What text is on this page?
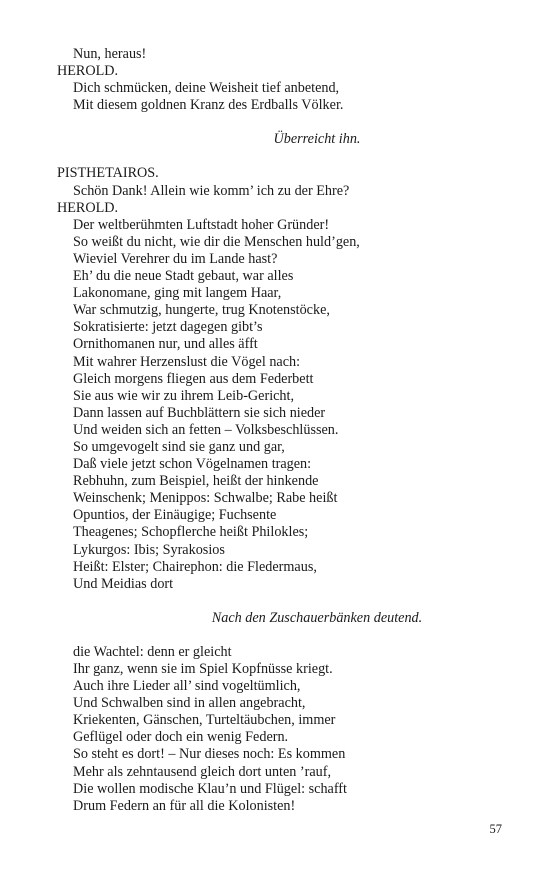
Nun, heraus!
HEROLD.
Dich schmücken, deine Weisheit tief anbetend,
Mit diesem goldnen Kranz des Erdballs Völker.
Überreicht ihn.
PISTHETAIROS.
Schön Dank! Allein wie komm’ ich zu der Ehre?
HEROLD.
Der weltberühmten Luftstadt hoher Gründer!
So weißt du nicht, wie dir die Menschen huld’gen,
Wieviel Verehrer du im Lande hast?
Eh’ du die neue Stadt gebaut, war alles
Lakonomane, ging mit langem Haar,
War schmutzig, hungerte, trug Knotenstöcke,
Sokratisierte: jetzt dagegen gibt’s
Ornithomanen nur, und alles äfft
Mit wahrer Herzenslust die Vögel nach:
Gleich morgens fliegen aus dem Federbett
Sie aus wie wir zu ihrem Leib-Gericht,
Dann lassen auf Buchblättern sie sich nieder
Und weiden sich an fetten – Volksbeschlüssen.
So umgevogelt sind sie ganz und gar,
Daß viele jetzt schon Vögelnamen tragen:
Rebhuhn, zum Beispiel, heißt der hinkende
Weinschenk; Menippos: Schwalbe; Rabe heißt
Opuntios, der Einäugige; Fuchsente
Theagenes; Schopflerche heißt Philokles;
Lykurgos: Ibis; Syrakosios
Heißt: Elster; Chairephon: die Fledermaus,
Und Meidias dort
Nach den Zuschauerbänken deutend.
die Wachtel: denn er gleicht
Ihr ganz, wenn sie im Spiel Kopfnüsse kriegt.
Auch ihre Lieder all’ sind vogeltümlich,
Und Schwalben sind in allen angebracht,
Kriekenten, Gänschen, Turteltäubchen, immer
Geflügel oder doch ein wenig Federn.
So steht es dort! – Nur dieses noch: Es kommen
Mehr als zehntausend gleich dort unten ’rauf,
Die wollen modische Klau’n und Flügel: schafft
Drum Federn an für all die Kolonisten!
57
